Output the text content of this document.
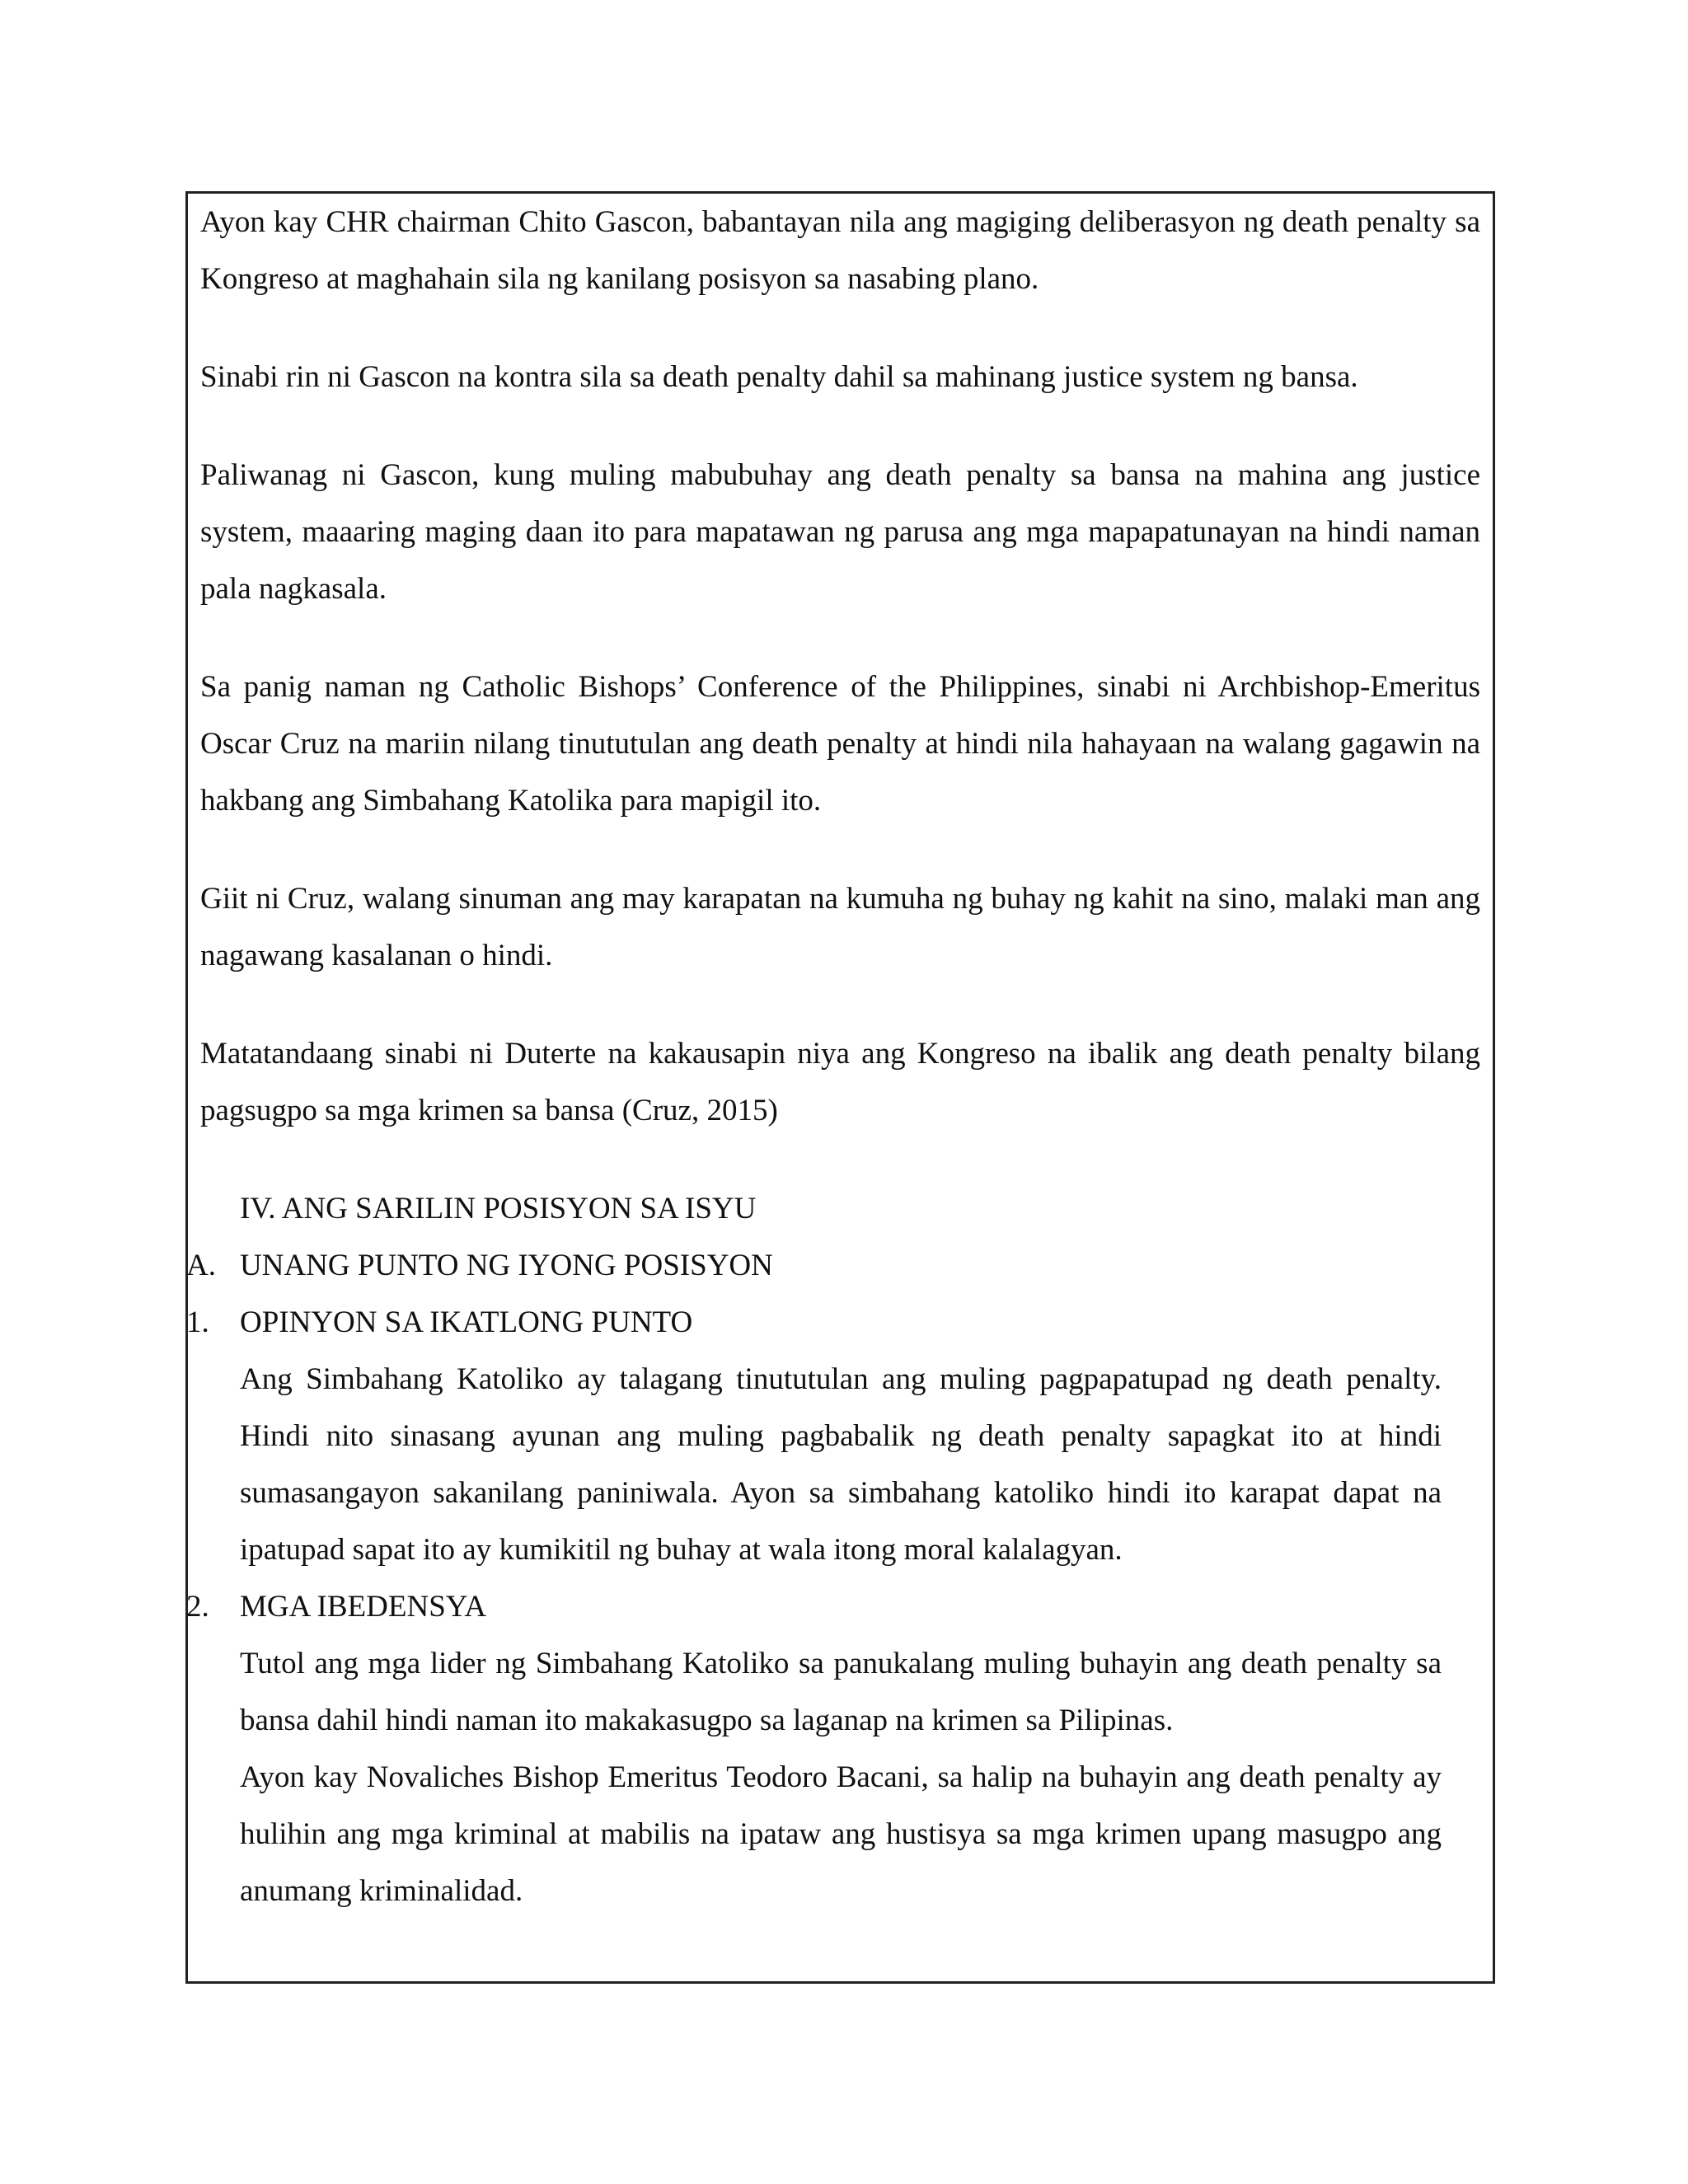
Ayon kay CHR chairman Chito Gascon, babantayan nila ang magiging deliberasyon ng death penalty sa Kongreso at maghahain sila ng kanilang posisyon sa nasabing plano.

Sinabi rin ni Gascon na kontra sila sa death penalty dahil sa mahinang justice system ng bansa.

Paliwanag ni Gascon, kung muling mabubuhay ang death penalty sa bansa na mahina ang justice system, maaaring maging daan ito para mapatawan ng parusa ang mga mapapatunayan na hindi naman pala nagkasala.

Sa panig naman ng Catholic Bishops’ Conference of the Philippines, sinabi ni Archbishop-Emeritus Oscar Cruz na mariin nilang tinututulan ang death penalty at hindi nila hahayaan na walang gagawin na hakbang ang Simbahang Katolika para mapigil ito.

Giit ni Cruz, walang sinuman ang may karapatan na kumuha ng buhay ng kahit na sino, malaki man ang nagawang kasalanan o hindi.

Matatandaang sinabi ni Duterte na kakausapin niya ang Kongreso na ibalik ang death penalty bilang pagsugpo sa mga krimen sa bansa (Cruz, 2015)

IV. ANG SARILIN POSISYON SA ISYU
A. UNANG PUNTO NG IYONG POSISYON
1. OPINYON SA IKATLONG PUNTO

Ang Simbahang Katoliko ay talagang tinututulan ang muling pagpapatupad ng death penalty. Hindi nito sinasang ayunan ang muling pagbabalik ng death penalty sapagkat ito at hindi sumasangayon sakanilang paniniwala. Ayon sa simbahang katoliko hindi ito karapat dapat na ipatupad sapat ito ay kumikitil ng buhay at wala itong moral kalalagyan.

2. MGA IBEDENSYA

Tutol ang mga lider ng Simbahang Katoliko sa panukalang muling buhayin ang death penalty sa bansa dahil hindi naman ito makakasugpo sa laganap na krimen sa Pilipinas.

Ayon kay Novaliches Bishop Emeritus Teodoro Bacani, sa halip na buhayin ang death penalty ay hulihin ang mga kriminal at mabilis na ipataw ang hustisya sa mga krimen upang masugpo ang anumang kriminalidad.
